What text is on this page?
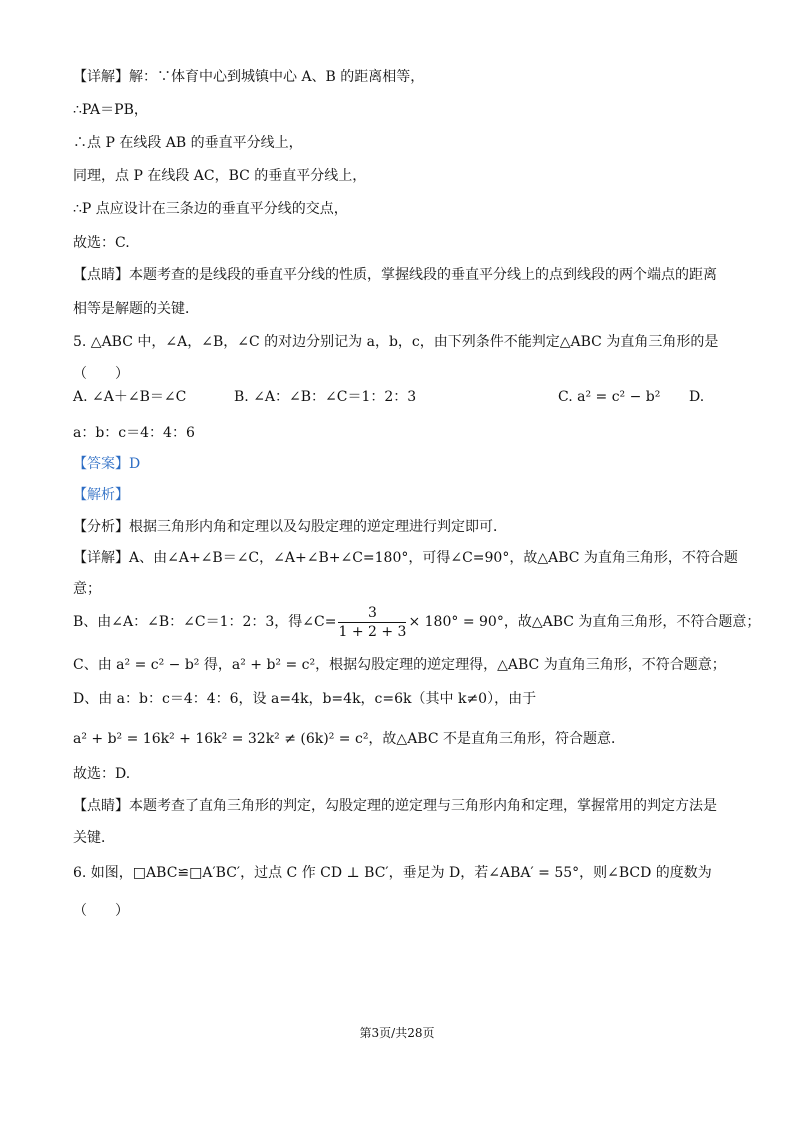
【详解】解：∵体育中心到城镇中心 A、B 的距离相等，
∴PA＝PB，
∴点 P 在线段 AB 的垂直平分线上，
同理，点 P 在线段 AC，BC 的垂直平分线上，
∴P 点应设计在三条边的垂直平分线的交点，
故选：C.
【点睛】本题考查的是线段的垂直平分线的性质，掌握线段的垂直平分线上的点到线段的两个端点的距离
相等是解题的关键．
5. △ABC 中，∠A，∠B，∠C 的对边分别记为 a，b，c，由下列条件不能判定△ABC 为直角三角形的是
（　　）
A. ∠A＋∠B＝∠C	B. ∠A：∠B：∠C＝1：2：3	C. a² = c² − b² D.
a：b：c＝4：4：6
【答案】D
【解析】
【分析】根据三角形内角和定理以及勾股定理的逆定理进行判定即可．
【详解】A、由∠A+∠B＝∠C，∠A+∠B+∠C=180°，可得∠C=90°，故△ABC 为直角三角形，不符合题
意；
B、由∠A：∠B：∠C＝1：2：3，得∠C= $\frac{3}{1 + 2 + 3} \times 180^\circ = 90^\circ$，故△ABC 为直角三角形，不符合题意；
C、由 a² = c² − b² 得，a² + b² = c²，根据勾股定理的逆定理得，△ABC 为直角三角形，不符合题意；
D、由 a：b：c＝4：4：6，设 a=4k，b=4k，c=6k（其中 k≠0），由于
a² + b² = 16k² + 16k² = 32k² ≠ (6k)² = c²，故△ABC 不是直角三角形，符合题意．
故选：D.
【点睛】本题考查了直角三角形的判定，勾股定理的逆定理与三角形内角和定理，掌握常用的判定方法是
关键．
6. 如图，□ABC≌□A′BC′，过点 C 作 CD ⊥ BC′，垂足为 D，若∠ABA′ = 55°，则∠BCD 的度数为
（　　）
第3页/共28页
